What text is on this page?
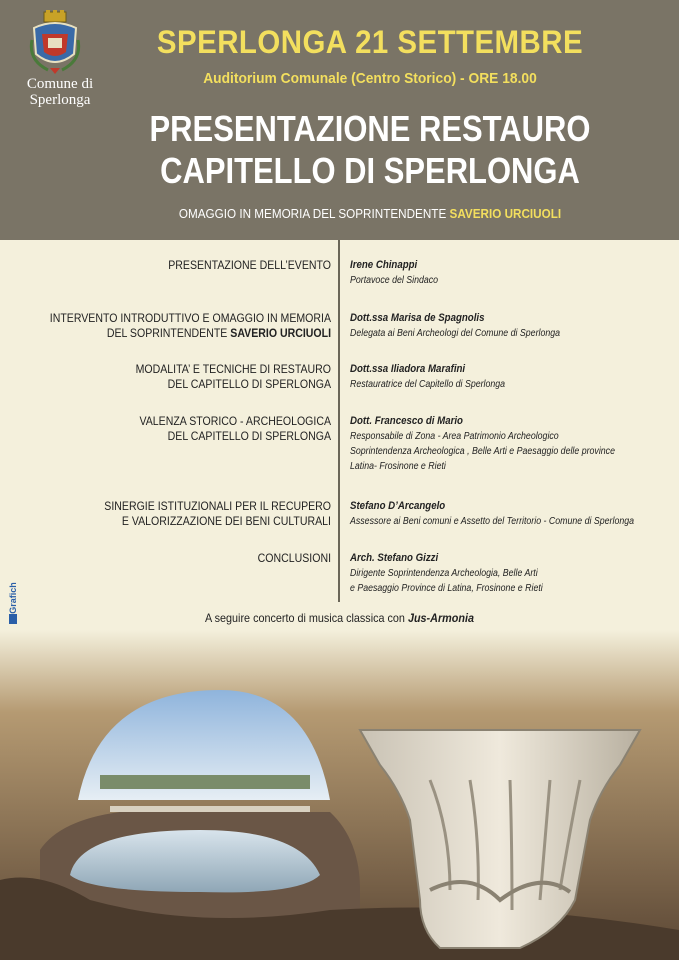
Comune di Sperlonga
SPERLONGA 21 SETTEMBRE
Auditorium Comunale (Centro Storico) - ORE 18.00
PRESENTAZIONE RESTAURO
CAPITELLO DI SPERLONGA
OMAGGIO IN MEMORIA DEL SOPRINTENDENTE SAVERIO URCIUOLI
PRESENTAZIONE DELL’EVENTO Irene Chinappi
Portavoce del Sindaco
INTERVENTO INTRODUTTIVO E OMAGGIO IN MEMORIA
DEL SOPRINTENDENTE SAVERIO URCIUOLI
Dott.ssa Marisa de Spagnolis
Delegata ai Beni Archeologi del Comune di Sperlonga
MODALITA’ E TECNICHE DI RESTAURO
DEL CAPITELLO DI SPERLONGA
Dott.ssa Iliadora Marafini
Restauratrice del Capitello di Sperlonga
VALENZA STORICO - ARCHEOLOGICA
DEL CAPITELLO DI SPERLONGA
Dott. Francesco di Mario
Responsabile di Zona - Area Patrimonio Archeologico
Soprintendenza Archeologica , Belle Arti e Paesaggio delle province
Latina- Frosinone e Rieti
SINERGIE ISTITUZIONALI PER IL RECUPERO
E VALORIZZAZIONE DEI BENI CULTURALI
Stefano D’Arcangelo
Assessore ai Beni comuni e Assetto del Territorio - Comune di Sperlonga
CONCLUSIONI Arch. Stefano Gizzi
Dirigente Soprintendenza Archeologia, Belle Arti
e Paesaggio Province di Latina, Frosinone e Rieti
Grafich
A seguire concerto di musica classica con Jus-Armonia
